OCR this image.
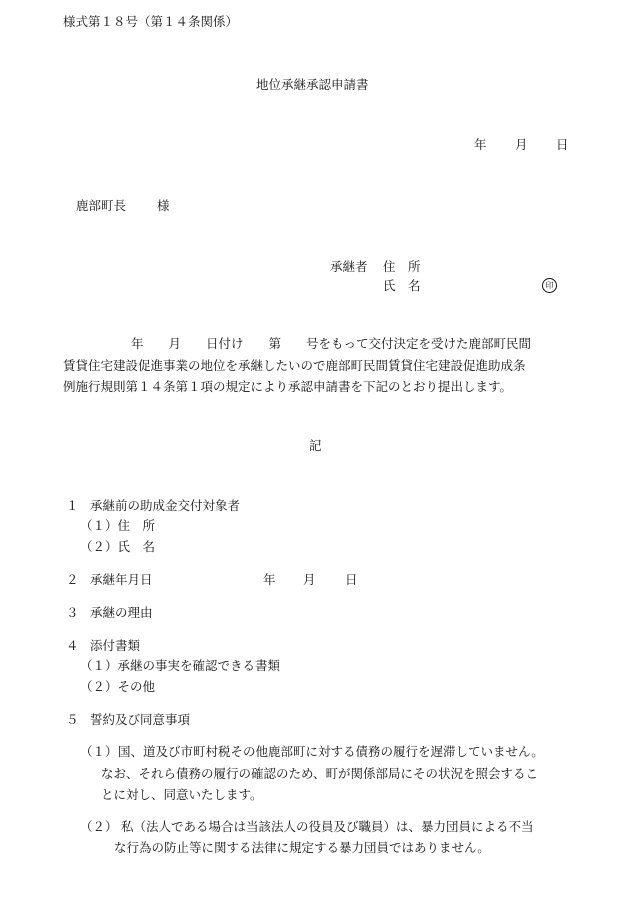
様式第１８号（第１４条関係）
地位承継承認申請書
年 月 日
鹿部町長 様
承継者 住　所
氏　名	印
年　　月　　日付け　　第　　号をもって交付決定を受けた鹿部町民間
賃貸住宅建設促進事業の地位を承継したいので鹿部町民間賃貸住宅建設促進助成条
例施行規則第１４条第１項の規定により承認申請書を下記のとおり提出します。
記
１ 承継前の助成金交付対象者
（１）住　所
（２）氏　名
２ 承継年月日	年 月 日
３ 承継の理由
４ 添付書類
（１）承継の事実を確認できる書類
（２）その他
５ 誓約及び同意事項
（１） 国、道及び市町村税その他鹿部町に対する債務の履行を遅滞していません。
なお、それら債務の履行の確認のため、町が関係部局にその状況を照会するこ
とに対し、同意いたします。
（２） 私（法人である場合は当該法人の役員及び職員）は、暴力団員による不当
な行為の防止等に関する法律に規定する暴力団員ではありません。
